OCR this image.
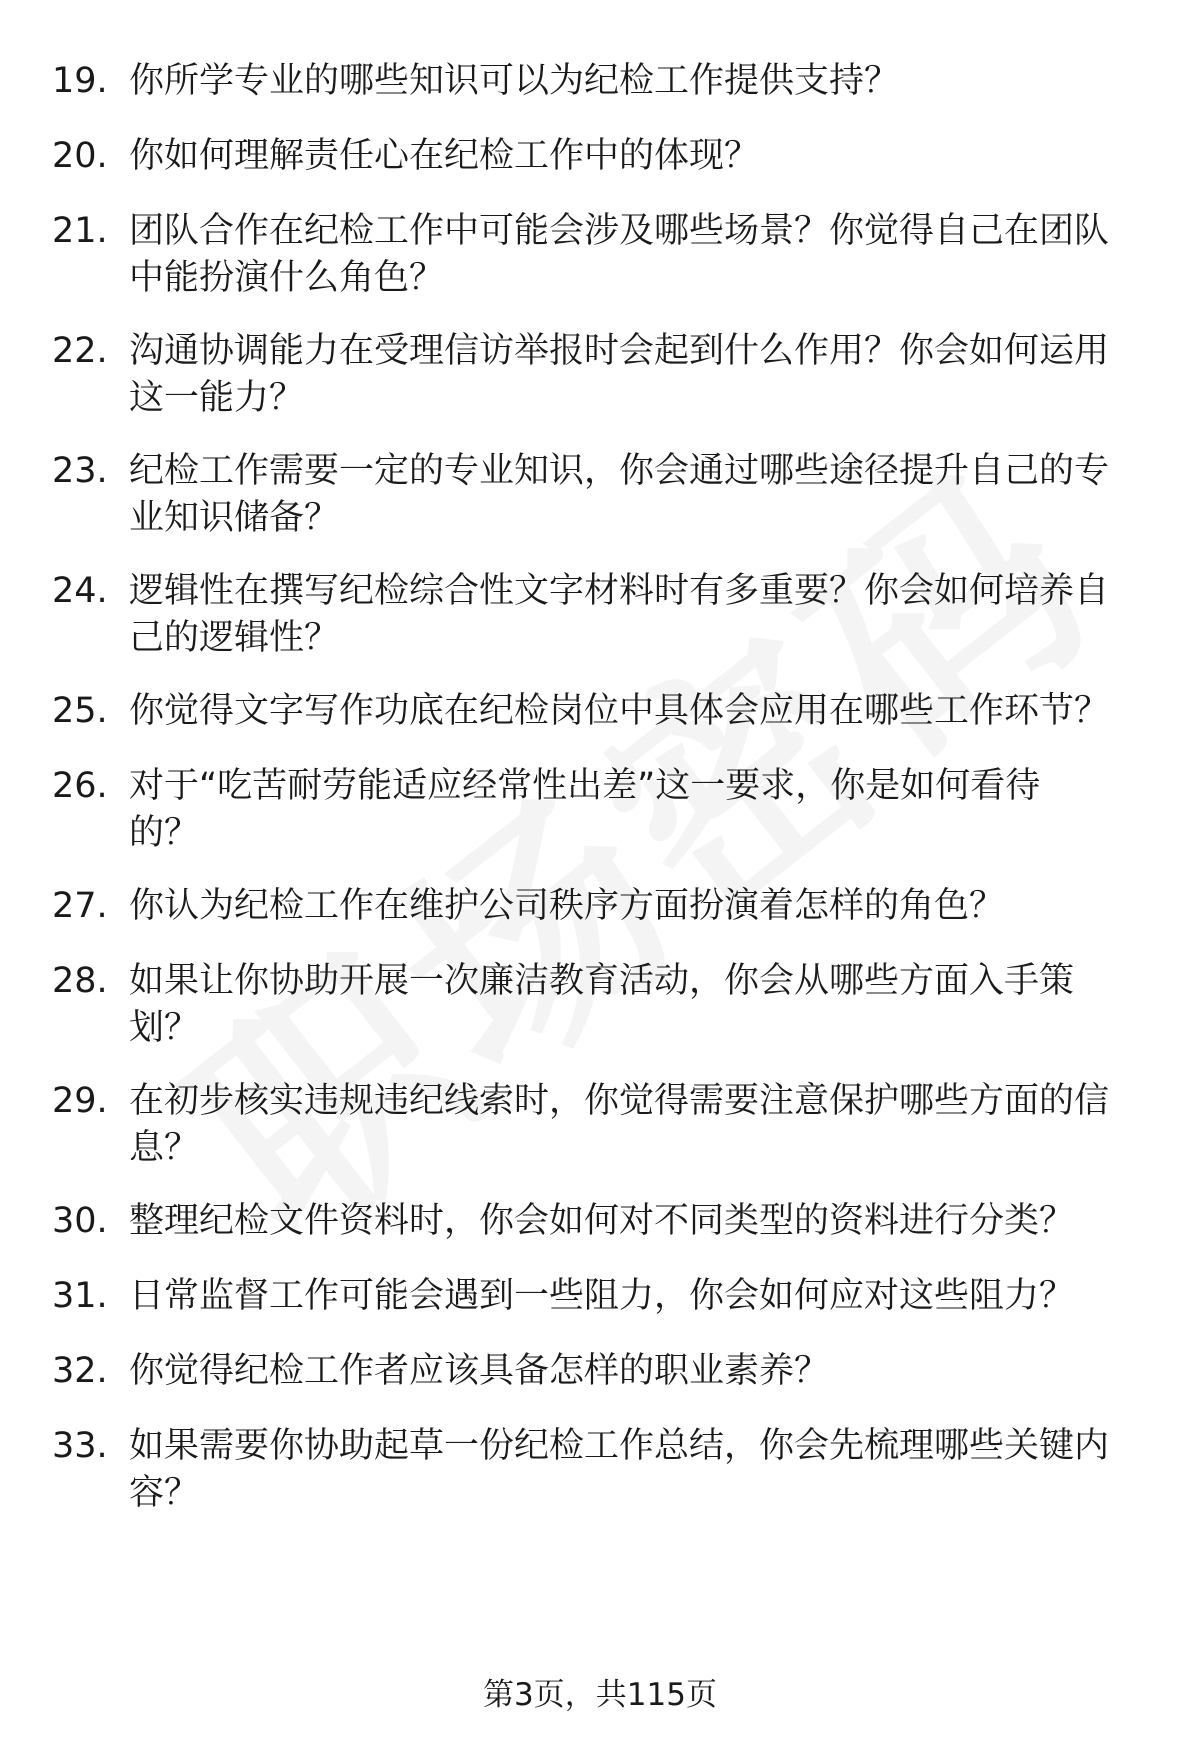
19. 你所学专业的哪些知识可以为纪检工作提供支持？
20. 你如何理解责任心在纪检工作中的体现？
21. 团队合作在纪检工作中可能会涉及哪些场景？你觉得自己在团队
中能扮演什么角色？
22. 沟通协调能力在受理信访举报时会起到什么作用？你会如何运用
这一能力？
23. 纪检工作需要一定的专业知识，你会通过哪些途径提升自己的专
业知识储备？
24. 逻辑性在撰写纪检综合性文字材料时有多重要？你会如何培养自
己的逻辑性？
25. 你觉得文字写作功底在纪检岗位中具体会应用在哪些工作环节？
26. 对于“吃苦耐劳能适应经常性出差”这一要求，你是如何看待
的？
27. 你认为纪检工作在维护公司秩序方面扮演着怎样的角色？
28. 如果让你协助开展一次廉洁教育活动，你会从哪些方面入手策
划？
29. 在初步核实违规违纪线索时，你觉得需要注意保护哪些方面的信
息？
30. 整理纪检文件资料时，你会如何对不同类型的资料进行分类？
31. 日常监督工作可能会遇到一些阻力，你会如何应对这些阻力？
32. 你觉得纪检工作者应该具备怎样的职业素养？
33. 如果需要你协助起草一份纪检工作总结，你会先梳理哪些关键内
容？
第3页，共115页
